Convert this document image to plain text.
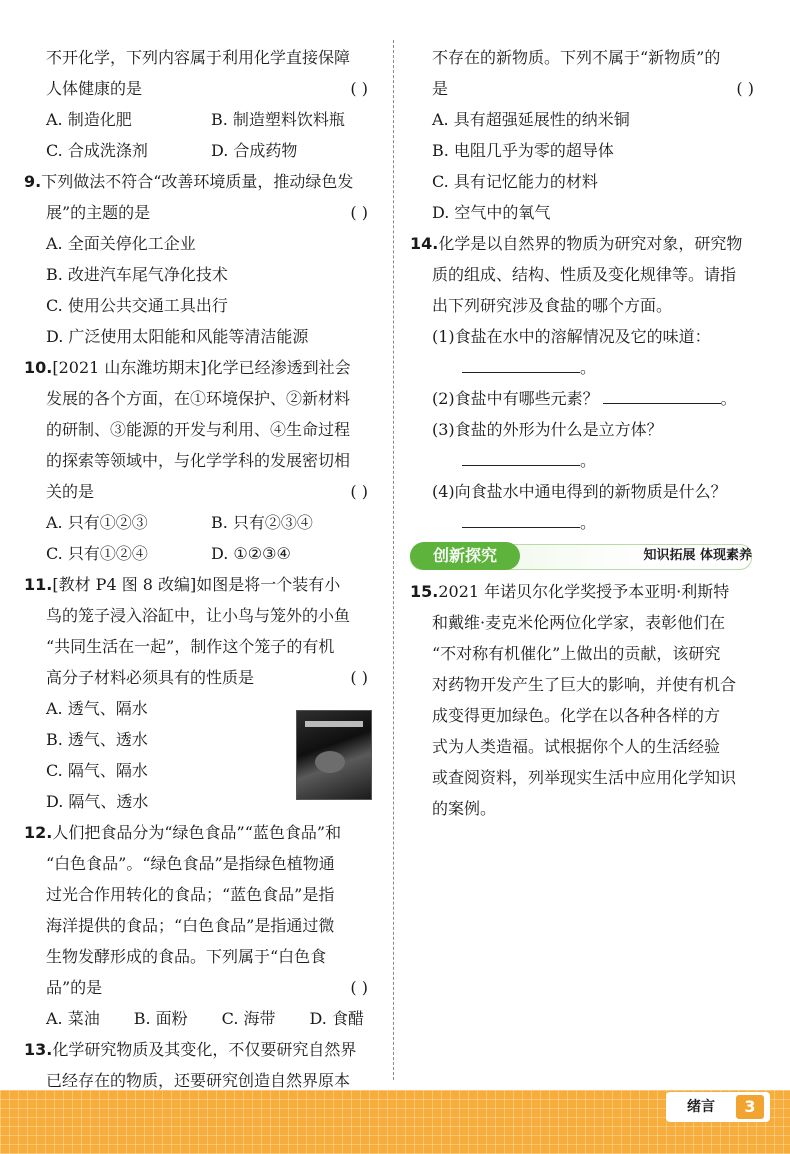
不开化学，下列内容属于利用化学直接保障
人体健康的是	( )
A. 制造化肥	B. 制造塑料饮料瓶
C. 合成洗涤剂	D. 合成药物
9.下列做法不符合“改善环境质量，推动绿色发
展”的主题的是	( )
A. 全面关停化工企业
B. 改进汽车尾气净化技术
C. 使用公共交通工具出行
D. 广泛使用太阳能和风能等清洁能源
10.[2021 山东潍坊期末]化学已经渗透到社会
发展的各个方面，在①环境保护、②新材料
的研制、③能源的开发与利用、④生命过程
的探索等领域中，与化学学科的发展密切相
关的是	( )
A. 只有①②③	B. 只有②③④
C. 只有①②④	D. ①②③④
11.[教材 P4 图 8 改编]如图是将一个装有小
鸟的笼子浸入浴缸中，让小鸟与笼外的小鱼
“共同生活在一起”，制作这个笼子的有机
高分子材料必须具有的性质是	( )
A. 透气、隔水
B. 透气、透水
C. 隔气、隔水
D. 隔气、透水
12.人们把食品分为“绿色食品”“蓝色食品”和
“白色食品”。“绿色食品”是指绿色植物通
过光合作用转化的食品；“蓝色食品”是指
海洋提供的食品；“白色食品”是指通过微
生物发酵形成的食品。下列属于“白色食
品”的是	( )
A. 菜油 B. 面粉 C. 海带 D. 食醋
13.化学研究物质及其变化，不仅要研究自然界
已经存在的物质，还要研究创造自然界原本
不存在的新物质。下列不属于“新物质”的
是	( )
A. 具有超强延展性的纳米铜
B. 电阻几乎为零的超导体
C. 具有记忆能力的材料
D. 空气中的氧气
14.化学是以自然界的物质为研究对象，研究物
质的组成、结构、性质及变化规律等。请指
出下列研究涉及食盐的哪个方面。
(1)食盐在水中的溶解情况及它的味道：
。
(2)食盐中有哪些元素？	。
(3)食盐的外形为什么是立方体？
。
(4)向食盐水中通电得到的新物质是什么？
。
创新探究	知识拓展 体现素养
15.2021 年诺贝尔化学奖授予本亚明·利斯特
和戴维·麦克米伦两位化学家，表彰他们在
“不对称有机催化”上做出的贡献，该研究
对药物开发产生了巨大的影响，并使有机合
成变得更加绿色。化学在以各种各样的方
式为人类造福。试根据你个人的生活经验
或查阅资料，列举现实生活中应用化学知识
的案例。
绪言	3
